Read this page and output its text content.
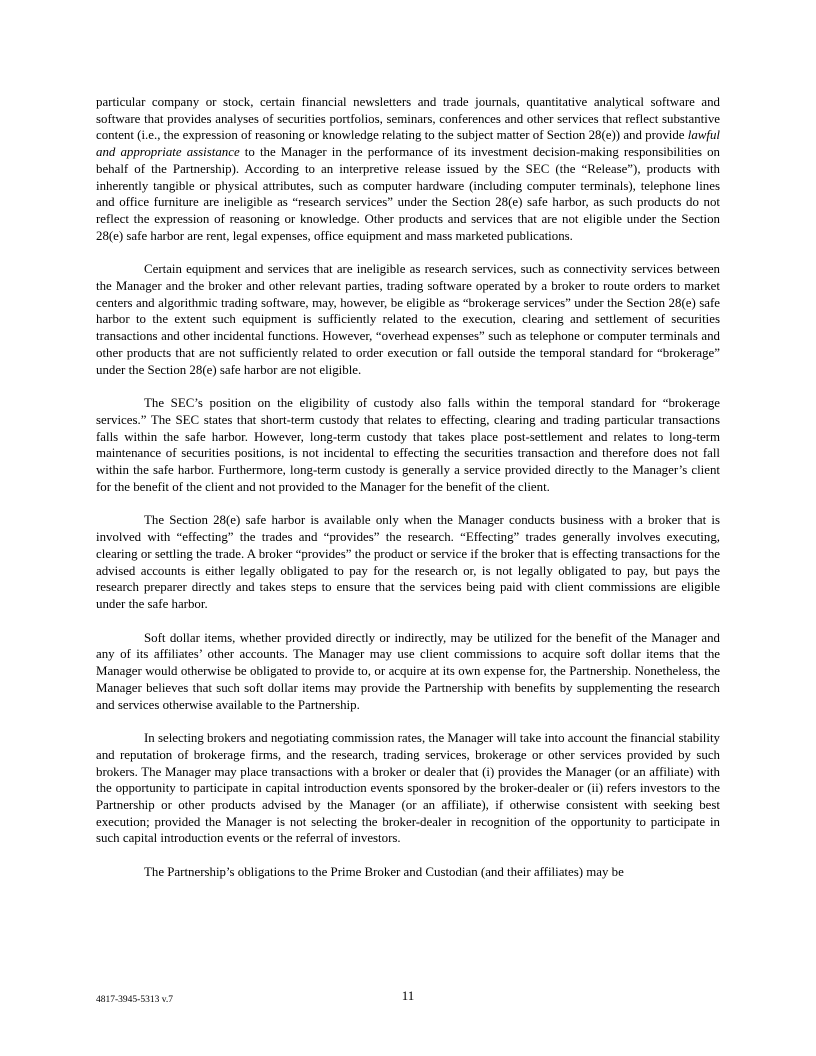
particular company or stock, certain financial newsletters and trade journals, quantitative analytical software and software that provides analyses of securities portfolios, seminars, conferences and other services that reflect substantive content (i.e., the expression of reasoning or knowledge relating to the subject matter of Section 28(e)) and provide lawful and appropriate assistance to the Manager in the performance of its investment decision-making responsibilities on behalf of the Partnership). According to an interpretive release issued by the SEC (the “Release”), products with inherently tangible or physical attributes, such as computer hardware (including computer terminals), telephone lines and office furniture are ineligible as “research services” under the Section 28(e) safe harbor, as such products do not reflect the expression of reasoning or knowledge. Other products and services that are not eligible under the Section 28(e) safe harbor are rent, legal expenses, office equipment and mass marketed publications.

Certain equipment and services that are ineligible as research services, such as connectivity services between the Manager and the broker and other relevant parties, trading software operated by a broker to route orders to market centers and algorithmic trading software, may, however, be eligible as “brokerage services” under the Section 28(e) safe harbor to the extent such equipment is sufficiently related to the execution, clearing and settlement of securities transactions and other incidental functions. However, “overhead expenses” such as telephone or computer terminals and other products that are not sufficiently related to order execution or fall outside the temporal standard for “brokerage” under the Section 28(e) safe harbor are not eligible.

The SEC’s position on the eligibility of custody also falls within the temporal standard for “brokerage services.” The SEC states that short-term custody that relates to effecting, clearing and trading particular transactions falls within the safe harbor. However, long-term custody that takes place post-settlement and relates to long-term maintenance of securities positions, is not incidental to effecting the securities transaction and therefore does not fall within the safe harbor. Furthermore, long-term custody is generally a service provided directly to the Manager’s client for the benefit of the client and not provided to the Manager for the benefit of the client.

The Section 28(e) safe harbor is available only when the Manager conducts business with a broker that is involved with “effecting” the trades and “provides” the research. “Effecting” trades generally involves executing, clearing or settling the trade. A broker “provides” the product or service if the broker that is effecting transactions for the advised accounts is either legally obligated to pay for the research or, is not legally obligated to pay, but pays the research preparer directly and takes steps to ensure that the services being paid with client commissions are eligible under the safe harbor.

Soft dollar items, whether provided directly or indirectly, may be utilized for the benefit of the Manager and any of its affiliates’ other accounts. The Manager may use client commissions to acquire soft dollar items that the Manager would otherwise be obligated to provide to, or acquire at its own expense for, the Partnership. Nonetheless, the Manager believes that such soft dollar items may provide the Partnership with benefits by supplementing the research and services otherwise available to the Partnership.

In selecting brokers and negotiating commission rates, the Manager will take into account the financial stability and reputation of brokerage firms, and the research, trading services, brokerage or other services provided by such brokers. The Manager may place transactions with a broker or dealer that (i) provides the Manager (or an affiliate) with the opportunity to participate in capital introduction events sponsored by the broker-dealer or (ii) refers investors to the Partnership or other products advised by the Manager (or an affiliate), if otherwise consistent with seeking best execution; provided the Manager is not selecting the broker-dealer in recognition of the opportunity to participate in such capital introduction events or the referral of investors.

The Partnership’s obligations to the Prime Broker and Custodian (and their affiliates) may be

4817-3945-5313 v.7	11
